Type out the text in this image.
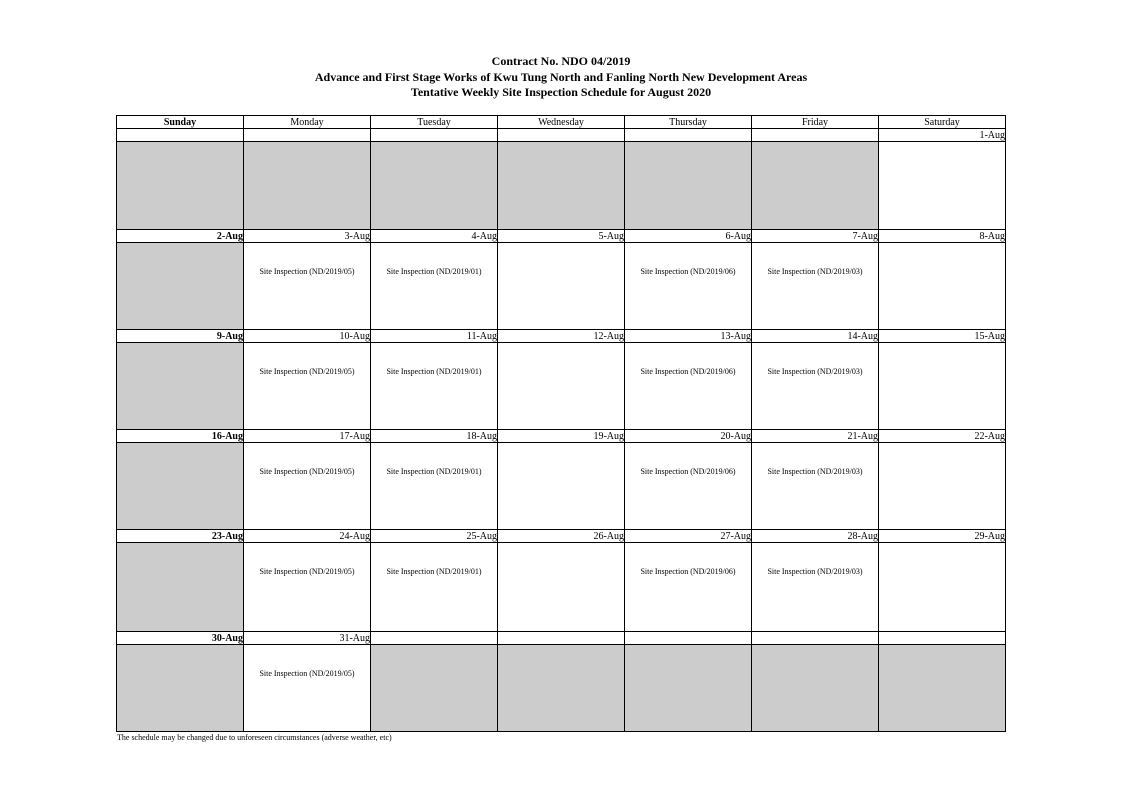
Contract No. NDO 04/2019
Advance and First Stage Works of Kwu Tung North and Fanling North New Development Areas
Tentative Weekly Site Inspection Schedule for August 2020
Sunday	Monday	Tuesday	Wednesday	Thursday	Friday	Saturday
						1-Aug

2-Aug	3-Aug	4-Aug	5-Aug	6-Aug	7-Aug	8-Aug

	Site Inspection (ND/2019/05)	Site Inspection (ND/2019/01)		Site Inspection (ND/2019/06)	Site Inspection (ND/2019/03)	

9-Aug	10-Aug	11-Aug	12-Aug	13-Aug	14-Aug	15-Aug

	Site Inspection (ND/2019/05)	Site Inspection (ND/2019/01)		Site Inspection (ND/2019/06)	Site Inspection (ND/2019/03)	

16-Aug	17-Aug	18-Aug	19-Aug	20-Aug	21-Aug	22-Aug

	Site Inspection (ND/2019/05)	Site Inspection (ND/2019/01)		Site Inspection (ND/2019/06)	Site Inspection (ND/2019/03)	

23-Aug	24-Aug	25-Aug	26-Aug	27-Aug	28-Aug	29-Aug

	Site Inspection (ND/2019/05)	Site Inspection (ND/2019/01)		Site Inspection (ND/2019/06)	Site Inspection (ND/2019/03)	

30-Aug	31-Aug					

	Site Inspection (ND/2019/05)					

The schedule may be changed due to unforeseen circumstances (adverse weather, etc)
